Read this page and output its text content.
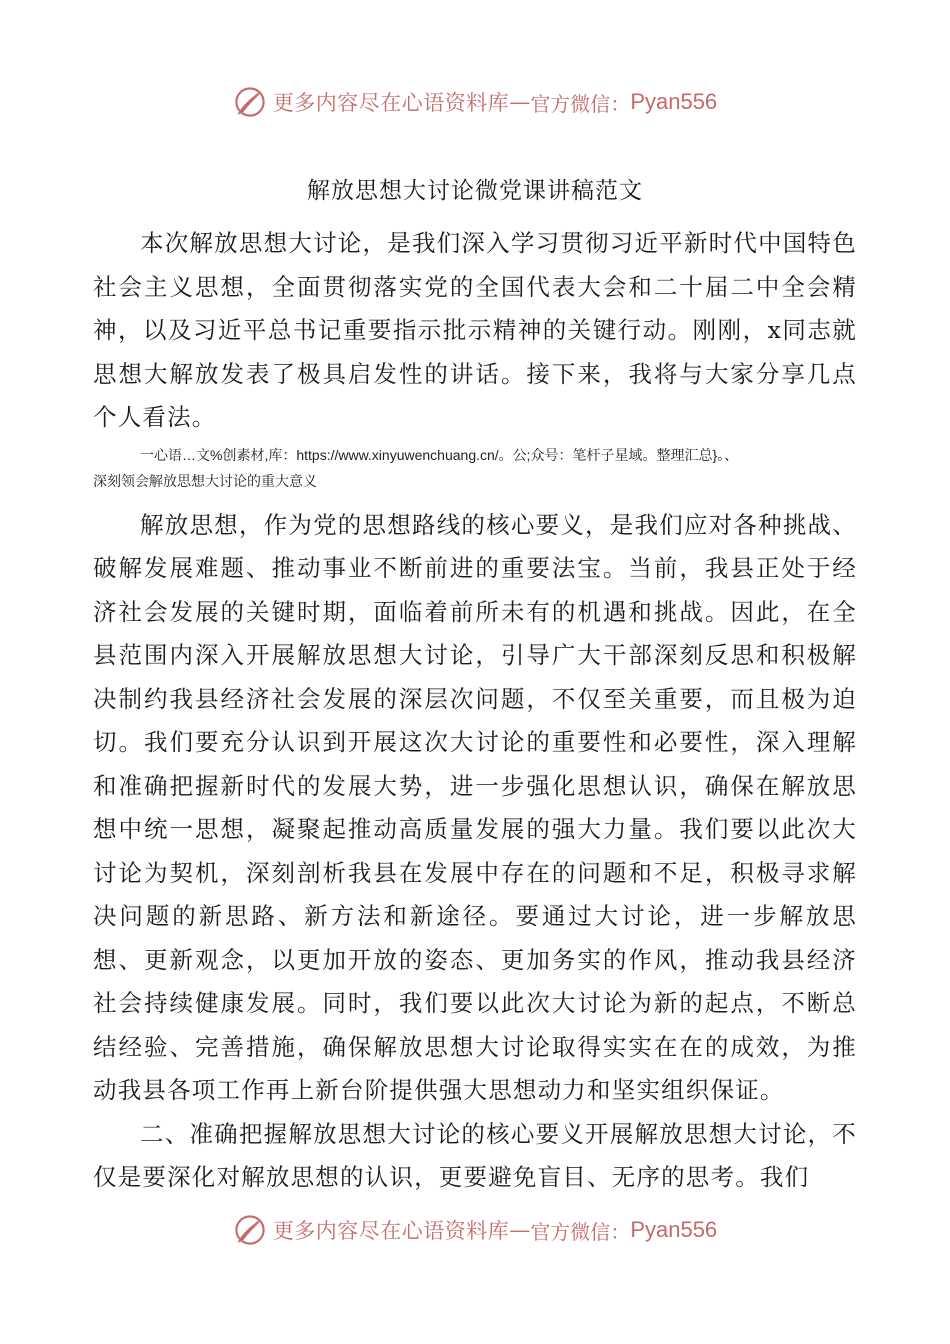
更多内容尽在心语资料库 — 官方微信： Pyan556
解放思想大讨论微党课讲稿范文

本次解放思想大讨论，是我们深入学习贯彻习近平新时代中国特色社会主义思想，全面贯彻落实党的全国代表大会和二十届二中全会精神，以及习近平总书记重要指示批示精神的关键行动。刚刚，x同志就思想大解放发表了极具启发性的讲话。接下来，我将与大家分享几点个人看法。

一心语…文%创素材,库：https://www.xinyuwenchuang.cn/。公;众号：笔杆子星域。整理汇总}。、

深刻领会解放思想大讨论的重大意义

解放思想，作为党的思想路线的核心要义，是我们应对各种挑战、破解发展难题、推动事业不断前进的重要法宝。当前，我县正处于经济社会发展的关键时期，面临着前所未有的机遇和挑战。因此，在全县范围内深入开展解放思想大讨论，引导广大干部深刻反思和积极解决制约我县经济社会发展的深层次问题，不仅至关重要，而且极为迫切。我们要充分认识到开展这次大讨论的重要性和必要性，深入理解和准确把握新时代的发展大势，进一步强化思想认识，确保在解放思想中统一思想，凝聚起推动高质量发展的强大力量。我们要以此次大讨论为契机，深刻剖析我县在发展中存在的问题和不足，积极寻求解决问题的新思路、新方法和新途径。要通过大讨论，进一步解放思想、更新观念，以更加开放的姿态、更加务实的作风，推动我县经济社会持续健康发展。同时，我们要以此次大讨论为新的起点，不断总结经验、完善措施，确保解放思想大讨论取得实实在在的成效，为推动我县各项工作再上新台阶提供强大思想动力和坚实组织保证。

二、准确把握解放思想大讨论的核心要义开展解放思想大讨论，不仅是要深化对解放思想的认识，更要避免盲目、无序的思考。我们

更多内容尽在心语资料库 — 官方微信： Pyan556
